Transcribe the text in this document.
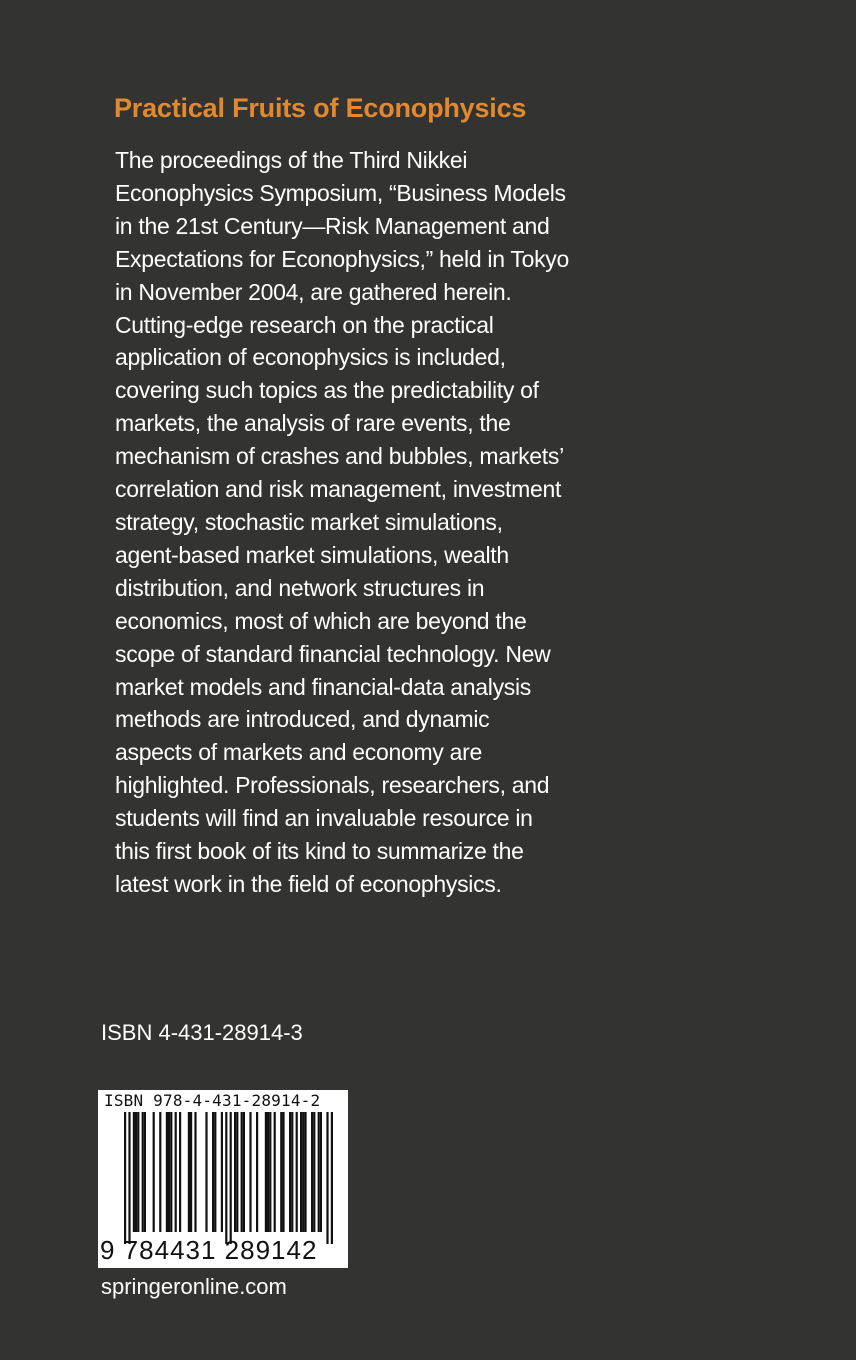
Practical Fruits of Econophysics
The proceedings of the Third Nikkei
Econophysics Symposium, “Business Models
in the 21st Century—Risk Management and
Expectations for Econophysics,” held in Tokyo
in November 2004, are gathered herein.
Cutting-edge research on the practical
application of econophysics is included,
covering such topics as the predictability of
markets, the analysis of rare events, the
mechanism of crashes and bubbles, markets’
correlation and risk management, investment
strategy, stochastic market simulations,
agent-based market simulations, wealth
distribution, and network structures in
economics, most of which are beyond the
scope of standard financial technology. New
market models and financial-data analysis
methods are introduced, and dynamic
aspects of markets and economy are
highlighted. Professionals, researchers, and
students will find an invaluable resource in
this first book of its kind to summarize the
latest work in the field of econophysics.
ISBN 4-431-28914-3
ISBN 978-4-431-28914-2
9 784431 289142
springeronline.com
